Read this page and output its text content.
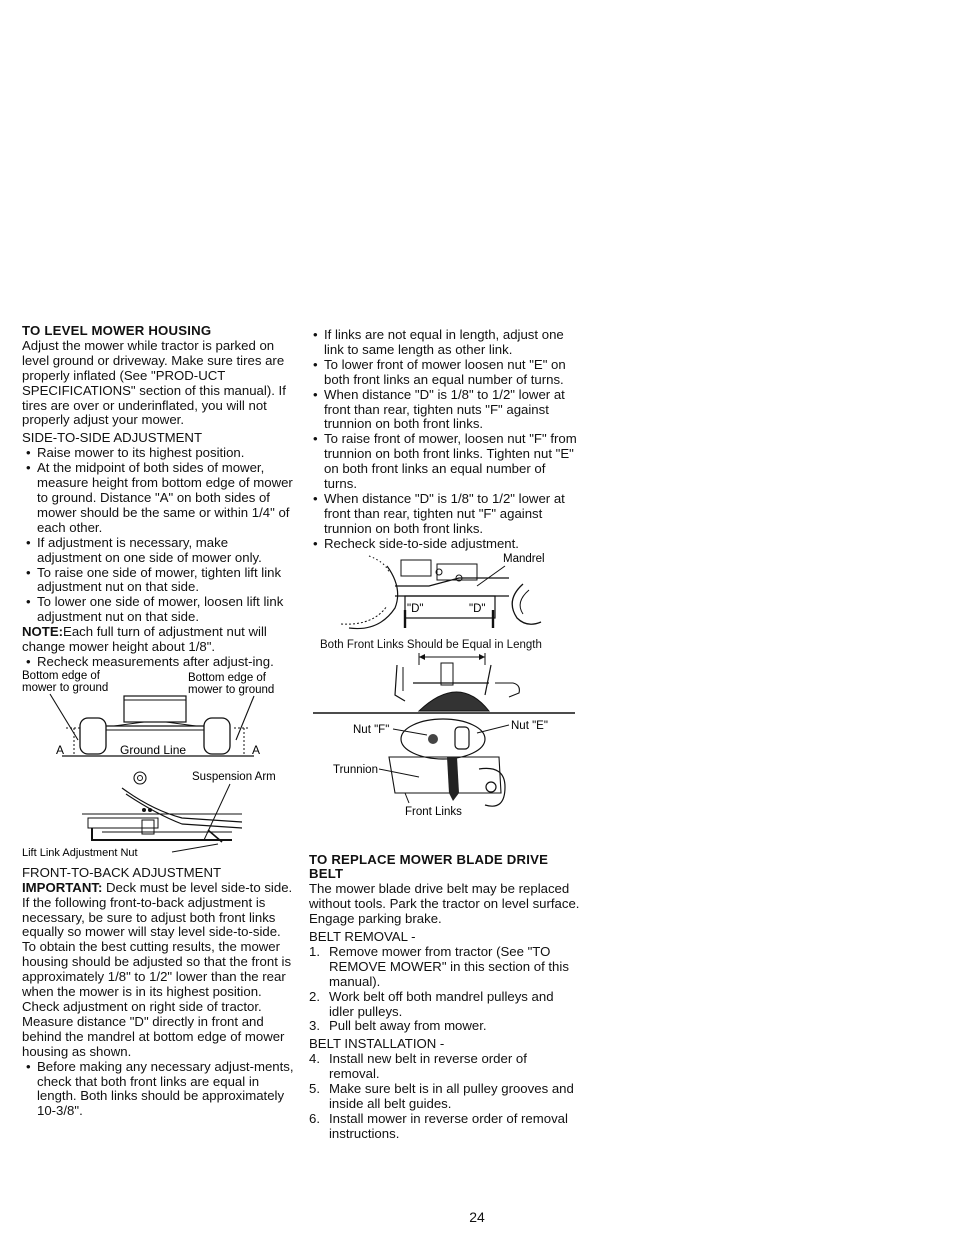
TO LEVEL MOWER HOUSING

Adjust the mower while tractor is parked on level ground or driveway. Make sure tires are properly inflated (See "PROD-UCT SPECIFICATIONS" section of this manual). If tires are over or underinflated, you will not properly adjust your mower.

SIDE-TO-SIDE ADJUSTMENT

• Raise mower to its highest position.
• At the midpoint of both sides of mower, measure height from bottom edge of mower to ground. Distance "A" on both sides of mower should be the same or within 1/4" of each other.
• If adjustment is necessary, make adjustment on one side of mower only.
• To raise one side of mower, tighten lift link adjustment nut on that side.
• To lower one side of mower, loosen lift link adjustment nut on that side.

NOTE:Each full turn of adjustment nut will change mower height about 1/8".

• Recheck measurements after adjust-ing.
Bottom edge of
mower to ground
Bottom edge of
mower to ground
A	A
Ground Line
Suspension Arm
Lift Link Adjustment Nut

FRONT-TO-BACK ADJUSTMENT

IMPORTANT: Deck must be level side-to side. If the following front-to-back adjustment is necessary, be sure to adjust both front links equally so mower will stay level side-to-side.

To obtain the best cutting results, the mower housing should be adjusted so that the front is approximately 1/8" to 1/2" lower than the rear when the mower is in its highest position.

Check adjustment on right side of tractor. Measure distance "D" directly in front and behind the mandrel at bottom edge of mower housing as shown.

• Before making any necessary adjust-ments, check that both front links are equal in length. Both links should be approximately 10-3/8".
• If links are not equal in length, adjust one link to same length as other link.
• To lower front of mower loosen nut "E" on both front links an equal number of turns.
• When distance "D" is 1/8" to 1/2" lower at front than rear, tighten nuts "F" against trunnion on both front links.
• To raise front of mower, loosen nut "F" from trunnion on both front links. Tighten nut "E" on both front links an equal number of turns.
• When distance "D" is 1/8" to 1/2" lower at front than rear, tighten nut "F" against trunnion on both front links.
• Recheck side-to-side adjustment.
"D"	"D"
Mandrel
Both Front Links Should be Equal in Length
Nut "F"	Nut "E"
Trunnion
Front Links
TO REPLACE MOWER BLADE DRIVE BELT

The mower blade drive belt may be replaced without tools. Park the tractor on level surface. Engage parking brake.

BELT REMOVAL -

1. Remove mower from tractor (See "TO REMOVE MOWER" in this section of this manual).
2. Work belt off both mandrel pulleys and idler pulleys.
3. Pull belt away from mower.

BELT INSTALLATION -

4. Install new belt in reverse order of removal.
5. Make sure belt is in all pulley grooves and inside all belt guides.
6. Install mower in reverse order of removal instructions.
24
